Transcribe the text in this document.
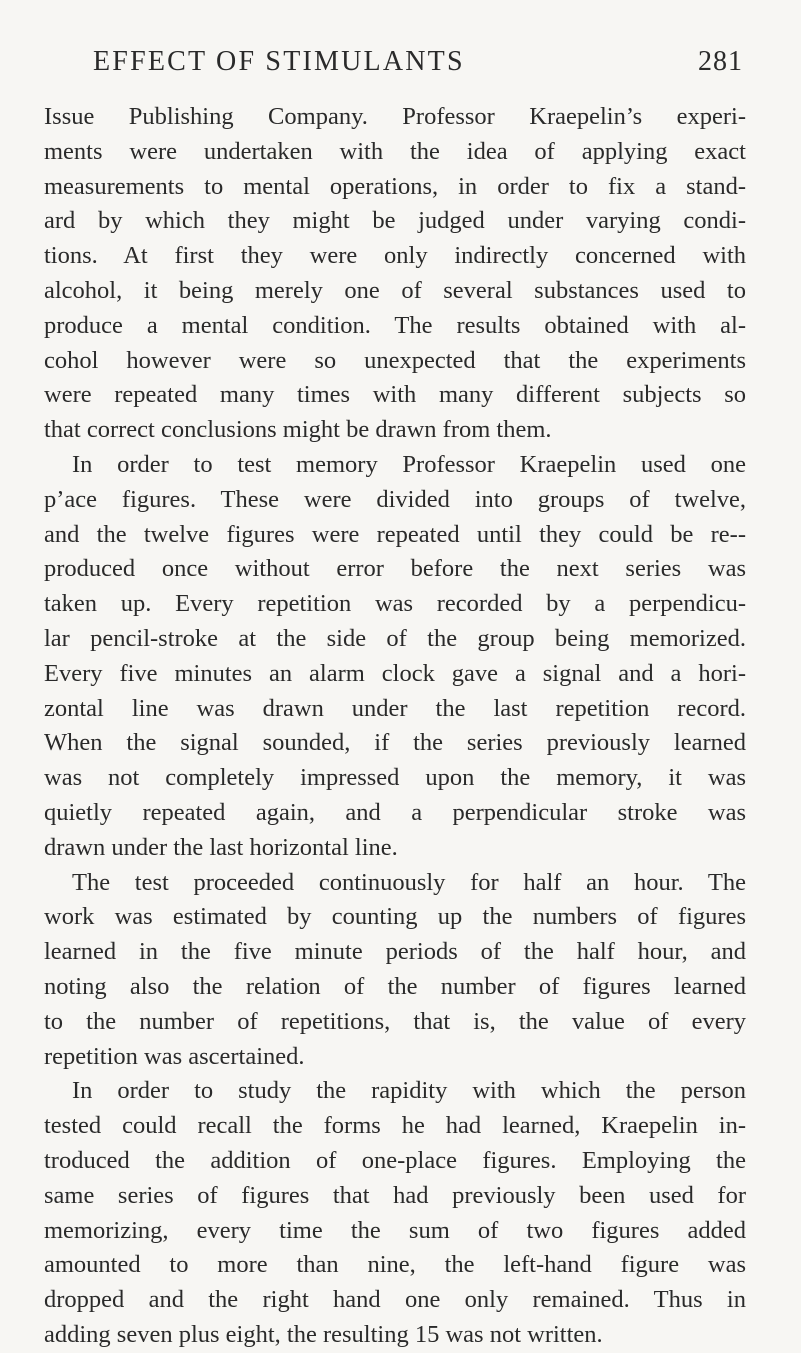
EFFECT OF STIMULANTS	281
Issue Publishing Company. Professor Kraepelin’s experi-
ments were undertaken with the idea of applying exact
measurements to mental operations, in order to fix a stand-
ard by which they might be judged under varying condi-
tions. At first they were only indirectly concerned with
alcohol, it being merely one of several substances used to
produce a mental condition. The results obtained with al-
cohol however were so unexpected that the experiments
were repeated many times with many different subjects so
that correct conclusions might be drawn from them.
In order to test memory Professor Kraepelin used one
p’ace figures. These were divided into groups of twelve,
and the twelve figures were repeated until they could be re--
produced once without error before the next series was
taken up. Every repetition was recorded by a perpendicu-
lar pencil-stroke at the side of the group being memorized.
Every five minutes an alarm clock gave a signal and a hori-
zontal line was drawn under the last repetition record.
When the signal sounded, if the series previously learned
was not completely impressed upon the memory, it was
quietly repeated again, and a perpendicular stroke was
drawn under the last horizontal line.
The test proceeded continuously for half an hour. The
work was estimated by counting up the numbers of figures
learned in the five minute periods of the half hour, and
noting also the relation of the number of figures learned
to the number of repetitions, that is, the value of every
repetition was ascertained.
In order to study the rapidity with which the person
tested could recall the forms he had learned, Kraepelin in-
troduced the addition of one-place figures. Employing the
same series of figures that had previously been used for
memorizing, every time the sum of two figures added
amounted to more than nine, the left-hand figure was
dropped and the right hand one only remained. Thus in
adding seven plus eight, the resulting 15 was not written.
